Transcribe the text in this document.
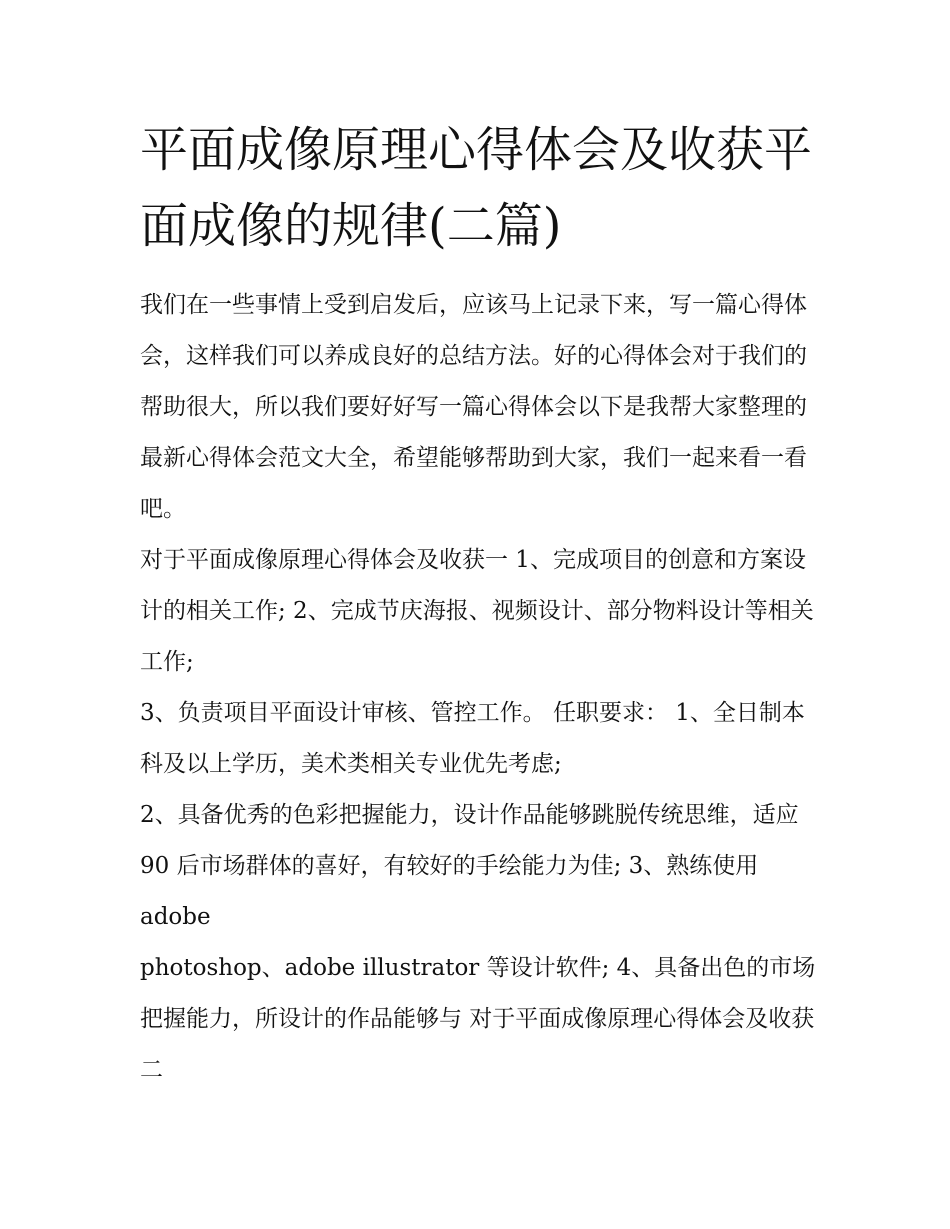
平面成像原理心得体会及收获平面成像的规律(二篇)

我们在一些事情上受到启发后，应该马上记录下来，写一篇心得体会，这样我们可以养成良好的总结方法。好的心得体会对于我们的帮助很大，所以我们要好好写一篇心得体会以下是我帮大家整理的最新心得体会范文大全，希望能够帮助到大家，我们一起来看一看吧。

对于平面成像原理心得体会及收获一 1、完成项目的创意和方案设计的相关工作; 2、完成节庆海报、视频设计、部分物料设计等相关工作;

3、负责项目平面设计审核、管控工作。 任职要求： 1、全日制本科及以上学历，美术类相关专业优先考虑;

2、具备优秀的色彩把握能力，设计作品能够跳脱传统思维，适应 90 后市场群体的喜好，有较好的手绘能力为佳; 3、熟练使用 adobe

photoshop、adobe illustrator 等设计软件; 4、具备出色的市场把握能力，所设计的作品能够与 对于平面成像原理心得体会及收获二
